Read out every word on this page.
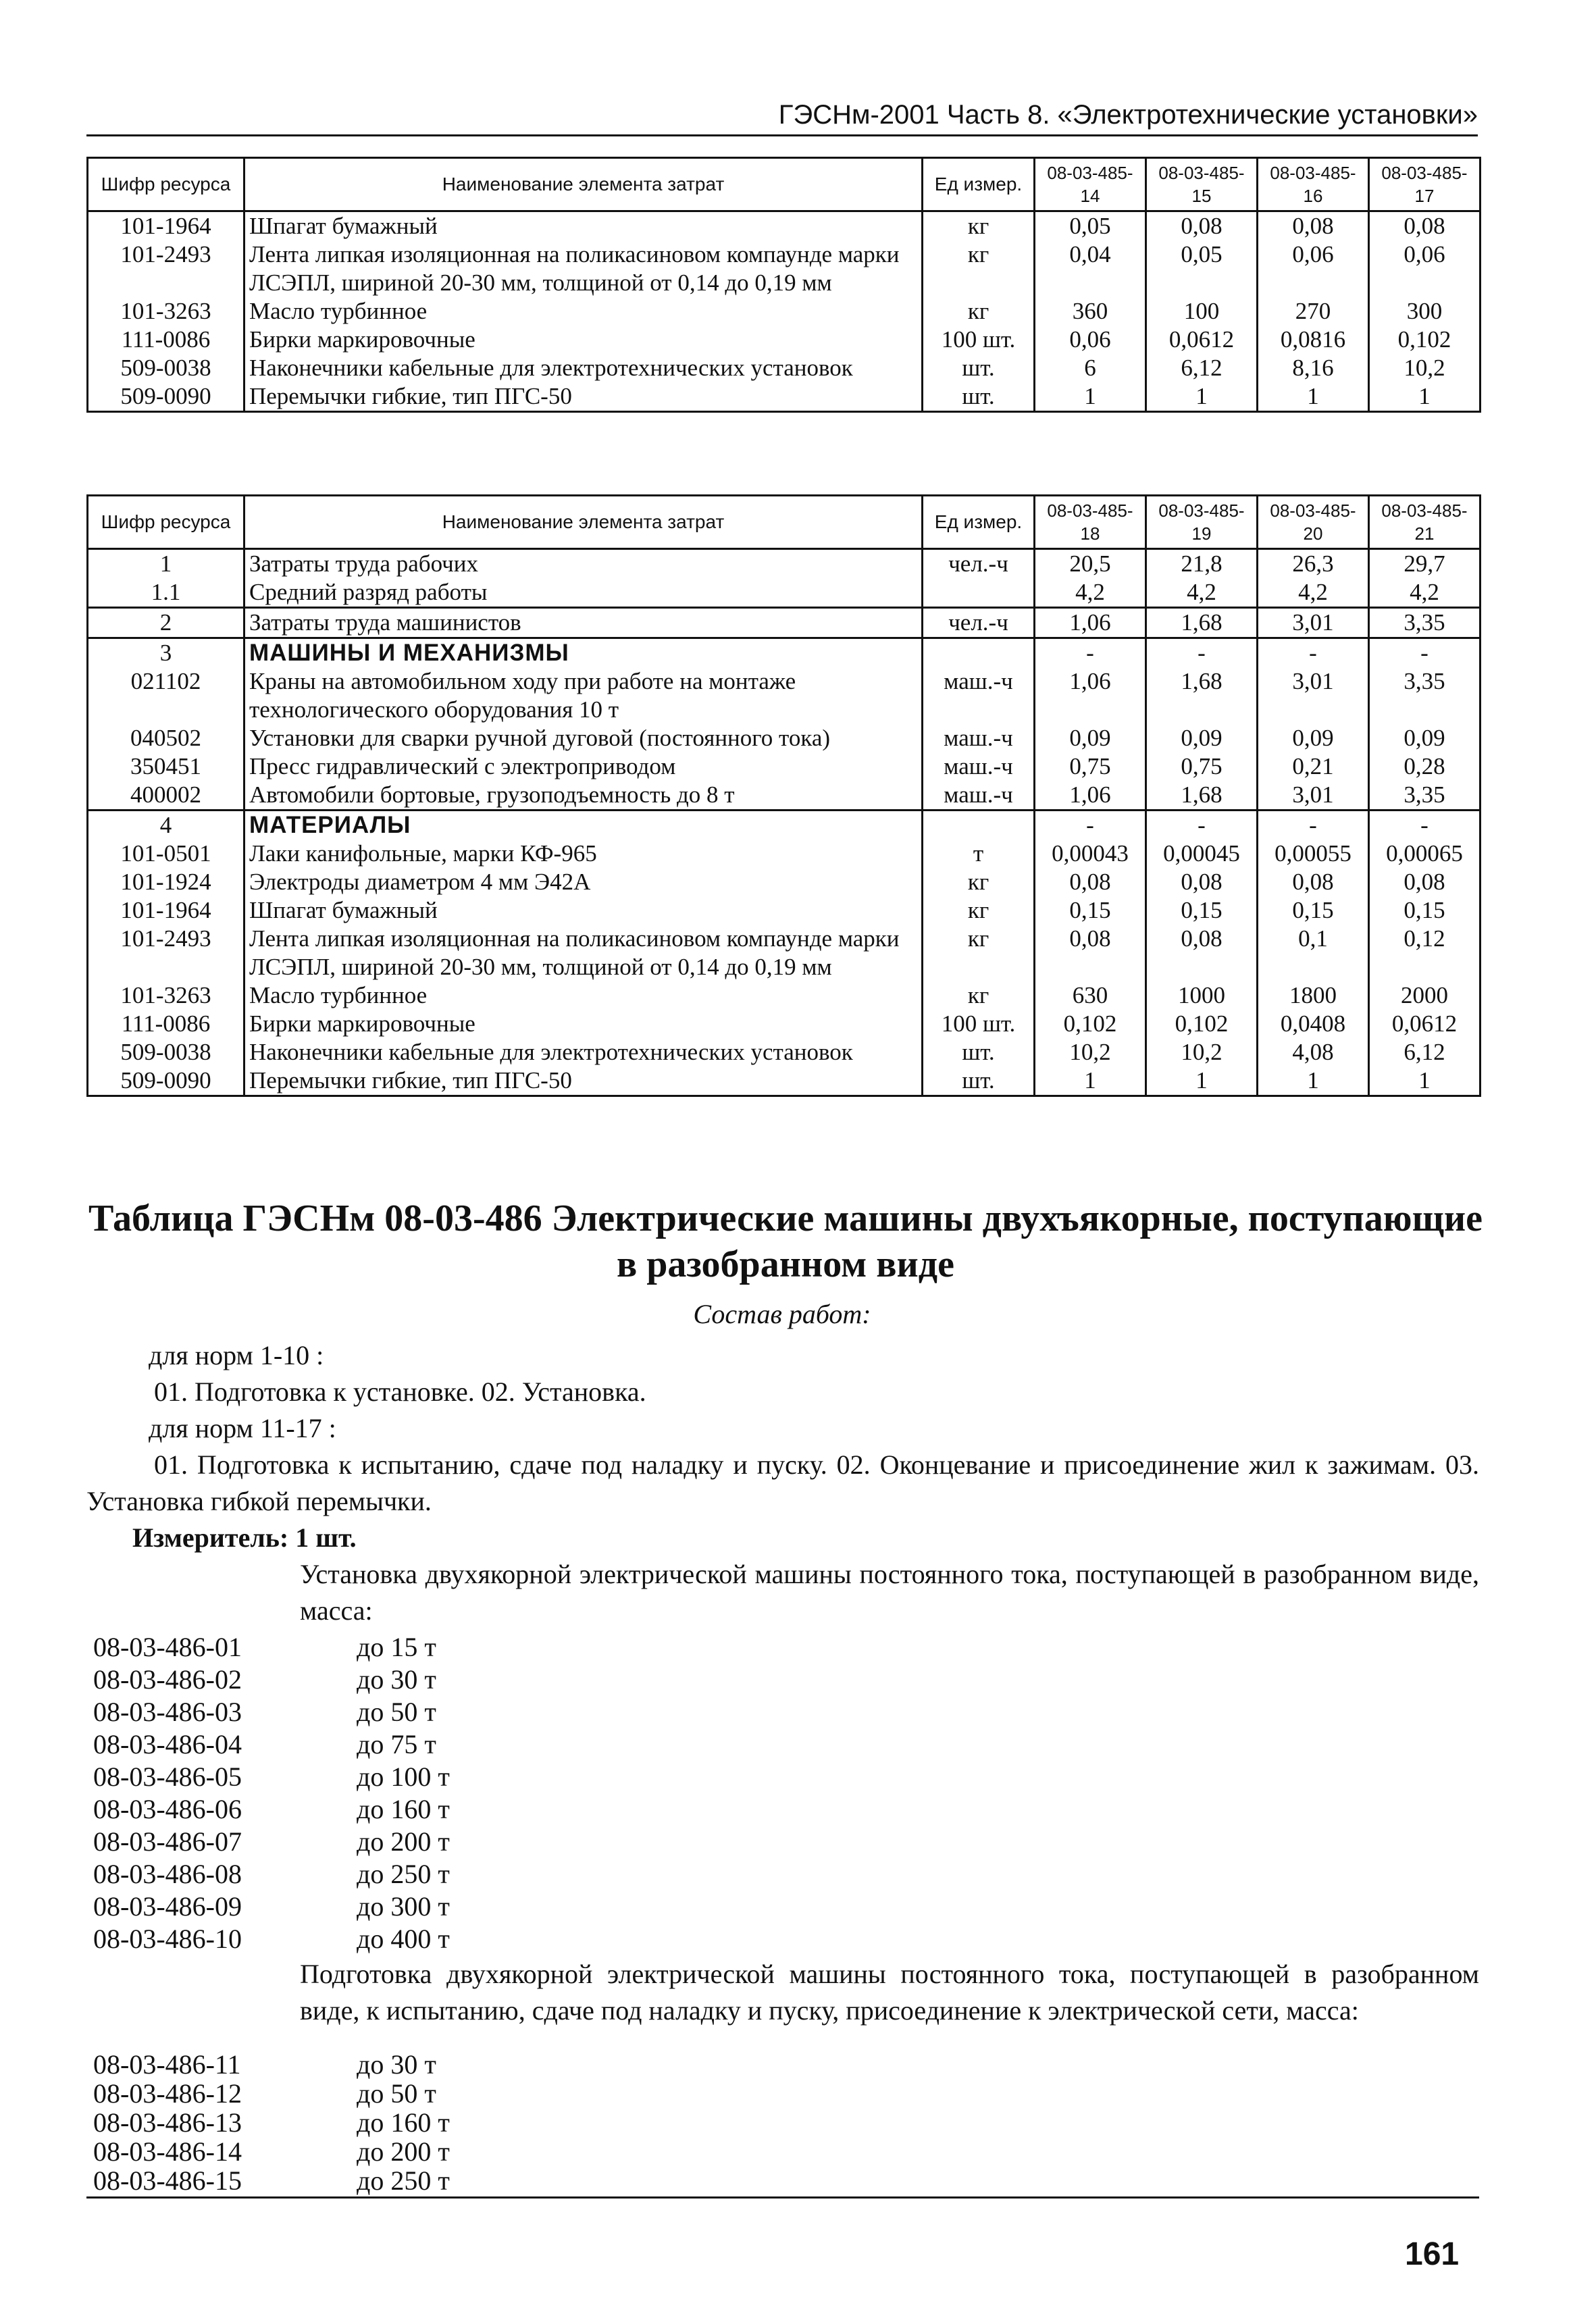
ГЭСНм-2001 Часть 8. «Электротехнические установки»
Шифр ресурса	Наименование элемента затрат	Ед измер.	08-03-485-14	08-03-485-15	08-03-485-16	08-03-485-17
101-1964	Шпагат бумажный	кг	0,05	0,08	0,08	0,08
101-2493	Лента липкая изоляционная на поликасиновом компаунде марки ЛСЭПЛ, шириной 20-30 мм, толщиной от 0,14 до 0,19 мм	кг	0,04	0,05	0,06	0,06
101-3263	Масло турбинное	кг	360	100	270	300
111-0086	Бирки маркировочные	100 шт.	0,06	0,0612	0,0816	0,102
509-0038	Наконечники кабельные для электротехнических установок	шт.	6	6,12	8,16	10,2
509-0090	Перемычки гибкие, тип ПГС-50	шт.	1	1	1	1
Шифр ресурса	Наименование элемента затрат	Ед измер.	08-03-485-18	08-03-485-19	08-03-485-20	08-03-485-21
1	Затраты труда рабочих	чел.-ч	20,5	21,8	26,3	29,7
1.1	Средний разряд работы		4,2	4,2	4,2	4,2
2	Затраты труда машинистов	чел.-ч	1,06	1,68	3,01	3,35
3	МАШИНЫ И МЕХАНИЗМЫ		-	-	-	-
021102	Краны на автомобильном ходу при работе на монтаже технологического оборудования 10 т	маш.-ч	1,06	1,68	3,01	3,35
040502	Установки для сварки ручной дуговой (постоянного тока)	маш.-ч	0,09	0,09	0,09	0,09
350451	Пресс гидравлический с электроприводом	маш.-ч	0,75	0,75	0,21	0,28
400002	Автомобили бортовые, грузоподъемность до 8 т	маш.-ч	1,06	1,68	3,01	3,35
4	МАТЕРИАЛЫ		-	-	-	-
101-0501	Лаки канифольные, марки КФ-965	т	0,00043	0,00045	0,00055	0,00065
101-1924	Электроды диаметром 4 мм Э42А	кг	0,08	0,08	0,08	0,08
101-1964	Шпагат бумажный	кг	0,15	0,15	0,15	0,15
101-2493	Лента липкая изоляционная на поликасиновом компаунде марки ЛСЭПЛ, шириной 20-30 мм, толщиной от 0,14 до 0,19 мм	кг	0,08	0,08	0,1	0,12
101-3263	Масло турбинное	кг	630	1000	1800	2000
111-0086	Бирки маркировочные	100 шт.	0,102	0,102	0,0408	0,0612
509-0038	Наконечники кабельные для электротехнических установок	шт.	10,2	10,2	4,08	6,12
509-0090	Перемычки гибкие, тип ПГС-50	шт.	1	1	1	1
Таблица ГЭСНм 08-03-486 Электрические машины двухъякорные, поступающие в разобранном виде
Состав работ:
для норм 1-10 :
01. Подготовка к установке. 02. Установка.
для норм 11-17 :
01. Подготовка к испытанию, сдаче под наладку и пуску. 02. Оконцевание и присоединение жил к зажимам. 03. Установка гибкой перемычки.
Измеритель: 1 шт.
Установка двухякорной электрической машины постоянного тока, поступающей в разобранном виде, масса:
08-03-486-01	до 15 т
08-03-486-02	до 30 т
08-03-486-03	до 50 т
08-03-486-04	до 75 т
08-03-486-05	до 100 т
08-03-486-06	до 160 т
08-03-486-07	до 200 т
08-03-486-08	до 250 т
08-03-486-09	до 300 т
08-03-486-10	до 400 т
Подготовка двухякорной электрической машины постоянного тока, поступающей в разобранном виде, к испытанию, сдаче под наладку и пуску, присоединение к электрической сети, масса:
08-03-486-11	до 30 т
08-03-486-12	до 50 т
08-03-486-13	до 160 т
08-03-486-14	до 200 т
08-03-486-15	до 250 т
161
